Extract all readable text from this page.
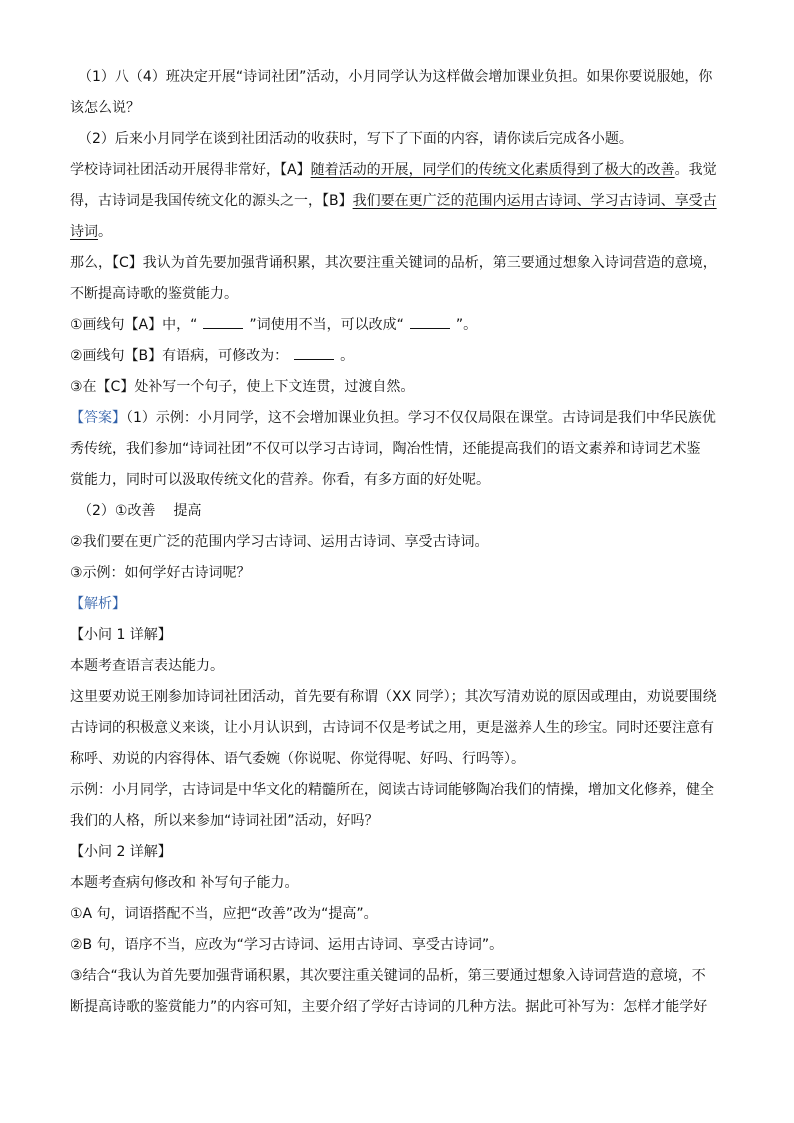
（1）八（4）班决定开展“诗词社团”活动，小月同学认为这样做会增加课业负担。如果你要说服她，你
该怎么说？
（2）后来小月同学在谈到社团活动的收获时，写下了下面的内容，请你读后完成各小题。
学校诗词社团活动开展得非常好，【A】随着活动的开展，同学们的传统文化素质得到了极大的改善。我觉
得，古诗词是我国传统文化的源头之一，【B】我们要在更广泛的范围内运用古诗词、学习古诗词、享受古
诗词。
那么，【C】我认为首先要加强背诵积累，其次要注重关键词的品析，第三要通过想象入诗词营造的意境，
不断提高诗歌的鉴赏能力。
①画线句【A】中，“	”词使用不当，可以改成“	”。
②画线句【B】有语病，可修改为：	。
③在【C】处补写一个句子，使上下文连贯，过渡自然。
【答案】（1）示例：小月同学，这不会增加课业负担。学习不仅仅局限在课堂。古诗词是我们中华民族优
秀传统，我们参加“诗词社团”不仅可以学习古诗词，陶冶性情，还能提高我们的语文素养和诗词艺术鉴
赏能力，同时可以汲取传统文化的营养。你看，有多方面的好处呢。
（2）①改善 提高
②我们要在更广泛的范围内学习古诗词、运用古诗词、享受古诗词。
③示例：如何学好古诗词呢？
【解析】
【小问 1 详解】
本题考查语言表达能力。
这里要劝说王刚参加诗词社团活动，首先要有称谓（XX 同学）；其次写清劝说的原因或理由，劝说要围绕
古诗词的积极意义来谈，让小月认识到，古诗词不仅是考试之用，更是滋养人生的珍宝。同时还要注意有
称呼、劝说的内容得体、语气委婉（你说呢、你觉得呢、好吗、行吗等）。
示例：小月同学，古诗词是中华文化的精髓所在，阅读古诗词能够陶冶我们的情操，增加文化修养，健全
我们的人格，所以来参加“诗词社团”活动，好吗？
【小问 2 详解】
本题考查病句修改和 补写句子能力。
①A 句，词语搭配不当，应把“改善”改为“提高”。
②B 句，语序不当，应改为“学习古诗词、运用古诗词、享受古诗词”。
③结合“我认为首先要加强背诵积累，其次要注重关键词的品析，第三要通过想象入诗词营造的意境，不
断提高诗歌的鉴赏能力”的内容可知，主要介绍了学好古诗词的几种方法。据此可补写为：怎样才能学好
